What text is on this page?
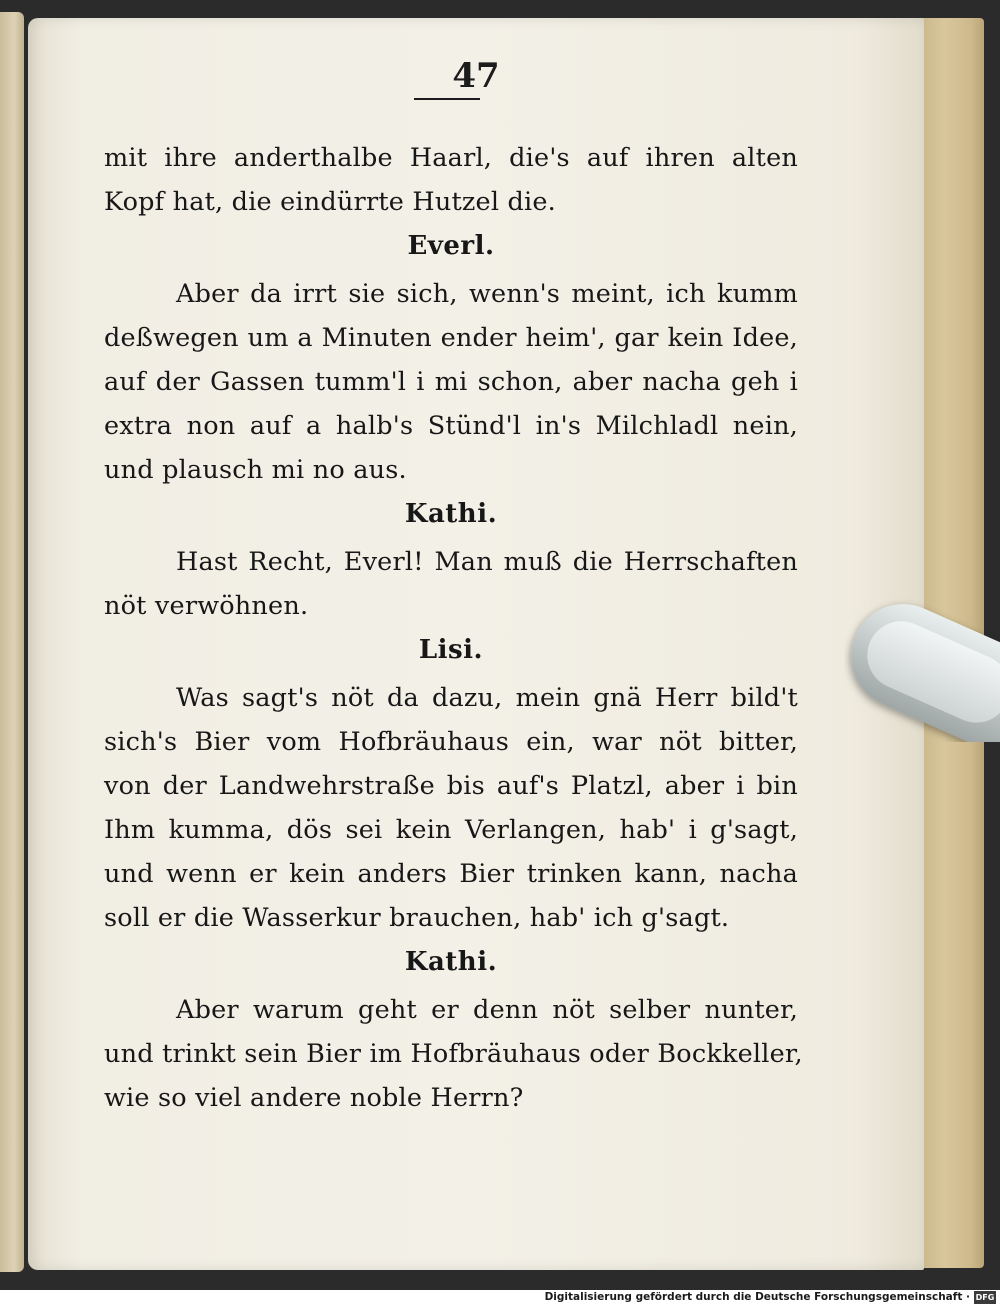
47
mit ihre anderthalbe Haarl, die's auf ihren alten
Kopf hat, die eindürrte Hutzel die.
Everl.
Aber da irrt sie sich, wenn's meint, ich kumm
deßwegen um a Minuten ender heim', gar kein Idee,
auf der Gassen tumm'l i mi schon, aber nacha geh i
extra non auf a halb's Stünd'l in's Milchladl nein,
und plausch mi no aus.
Kathi.
Hast Recht, Everl! Man muß die Herrschaften
nöt verwöhnen.
Lisi.
Was sagt's nöt da dazu, mein gnä Herr bild't
sich's Bier vom Hofbräuhaus ein, war nöt bitter,
von der Landwehrstraße bis auf's Platzl, aber i bin
Ihm kumma, dös sei kein Verlangen, hab' i g'sagt,
und wenn er kein anders Bier trinken kann, nacha
soll er die Wasserkur brauchen, hab' ich g'sagt.
Kathi.
Aber warum geht er denn nöt selber nunter,
und trinkt sein Bier im Hofbräuhaus oder Bockkeller,
wie so viel andere noble Herrn?
Digitalisierung gefördert durch die Deutsche Forschungsgemeinschaft · DFG
